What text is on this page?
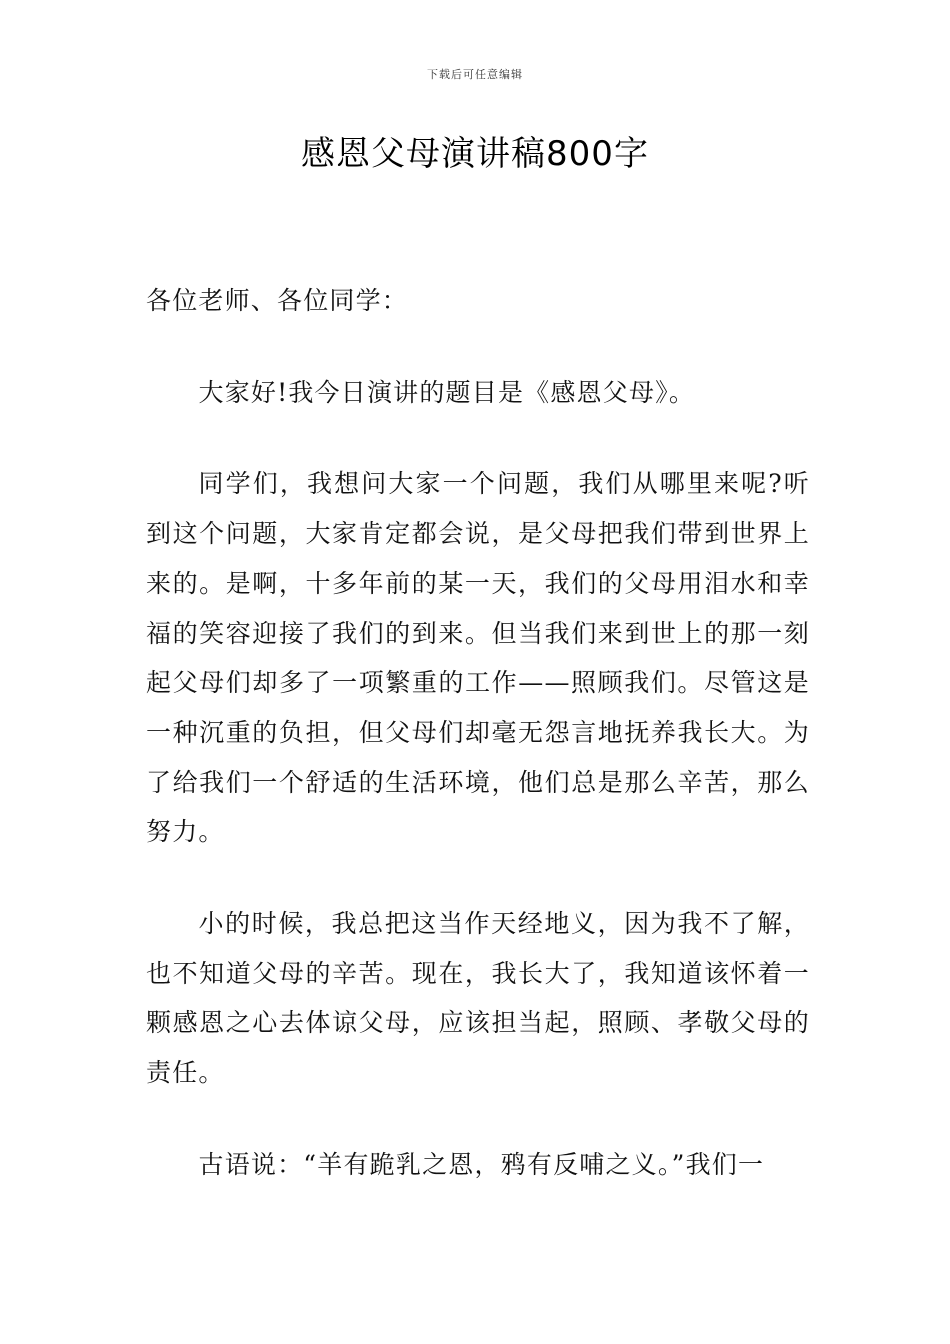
下载后可任意编辑
感恩父母演讲稿800字

各位老师、各位同学：

大家好!我今日演讲的题目是《感恩父母》。

同学们，我想问大家一个问题，我们从哪里来呢?听到这个问题，大家肯定都会说，是父母把我们带到世界上来的。是啊，十多年前的某一天，我们的父母用泪水和幸福的笑容迎接了我们的到来。但当我们来到世上的那一刻起父母们却多了一项繁重的工作——照顾我们。尽管这是一种沉重的负担，但父母们却毫无怨言地抚养我长大。为了给我们一个舒适的生活环境，他们总是那么辛苦，那么努力。

小的时候，我总把这当作天经地义，因为我不了解，也不知道父母的辛苦。现在，我长大了，我知道该怀着一颗感恩之心去体谅父母，应该担当起，照顾、孝敬父母的责任。

古语说：“羊有跪乳之恩，鸦有反哺之义。”我们一
